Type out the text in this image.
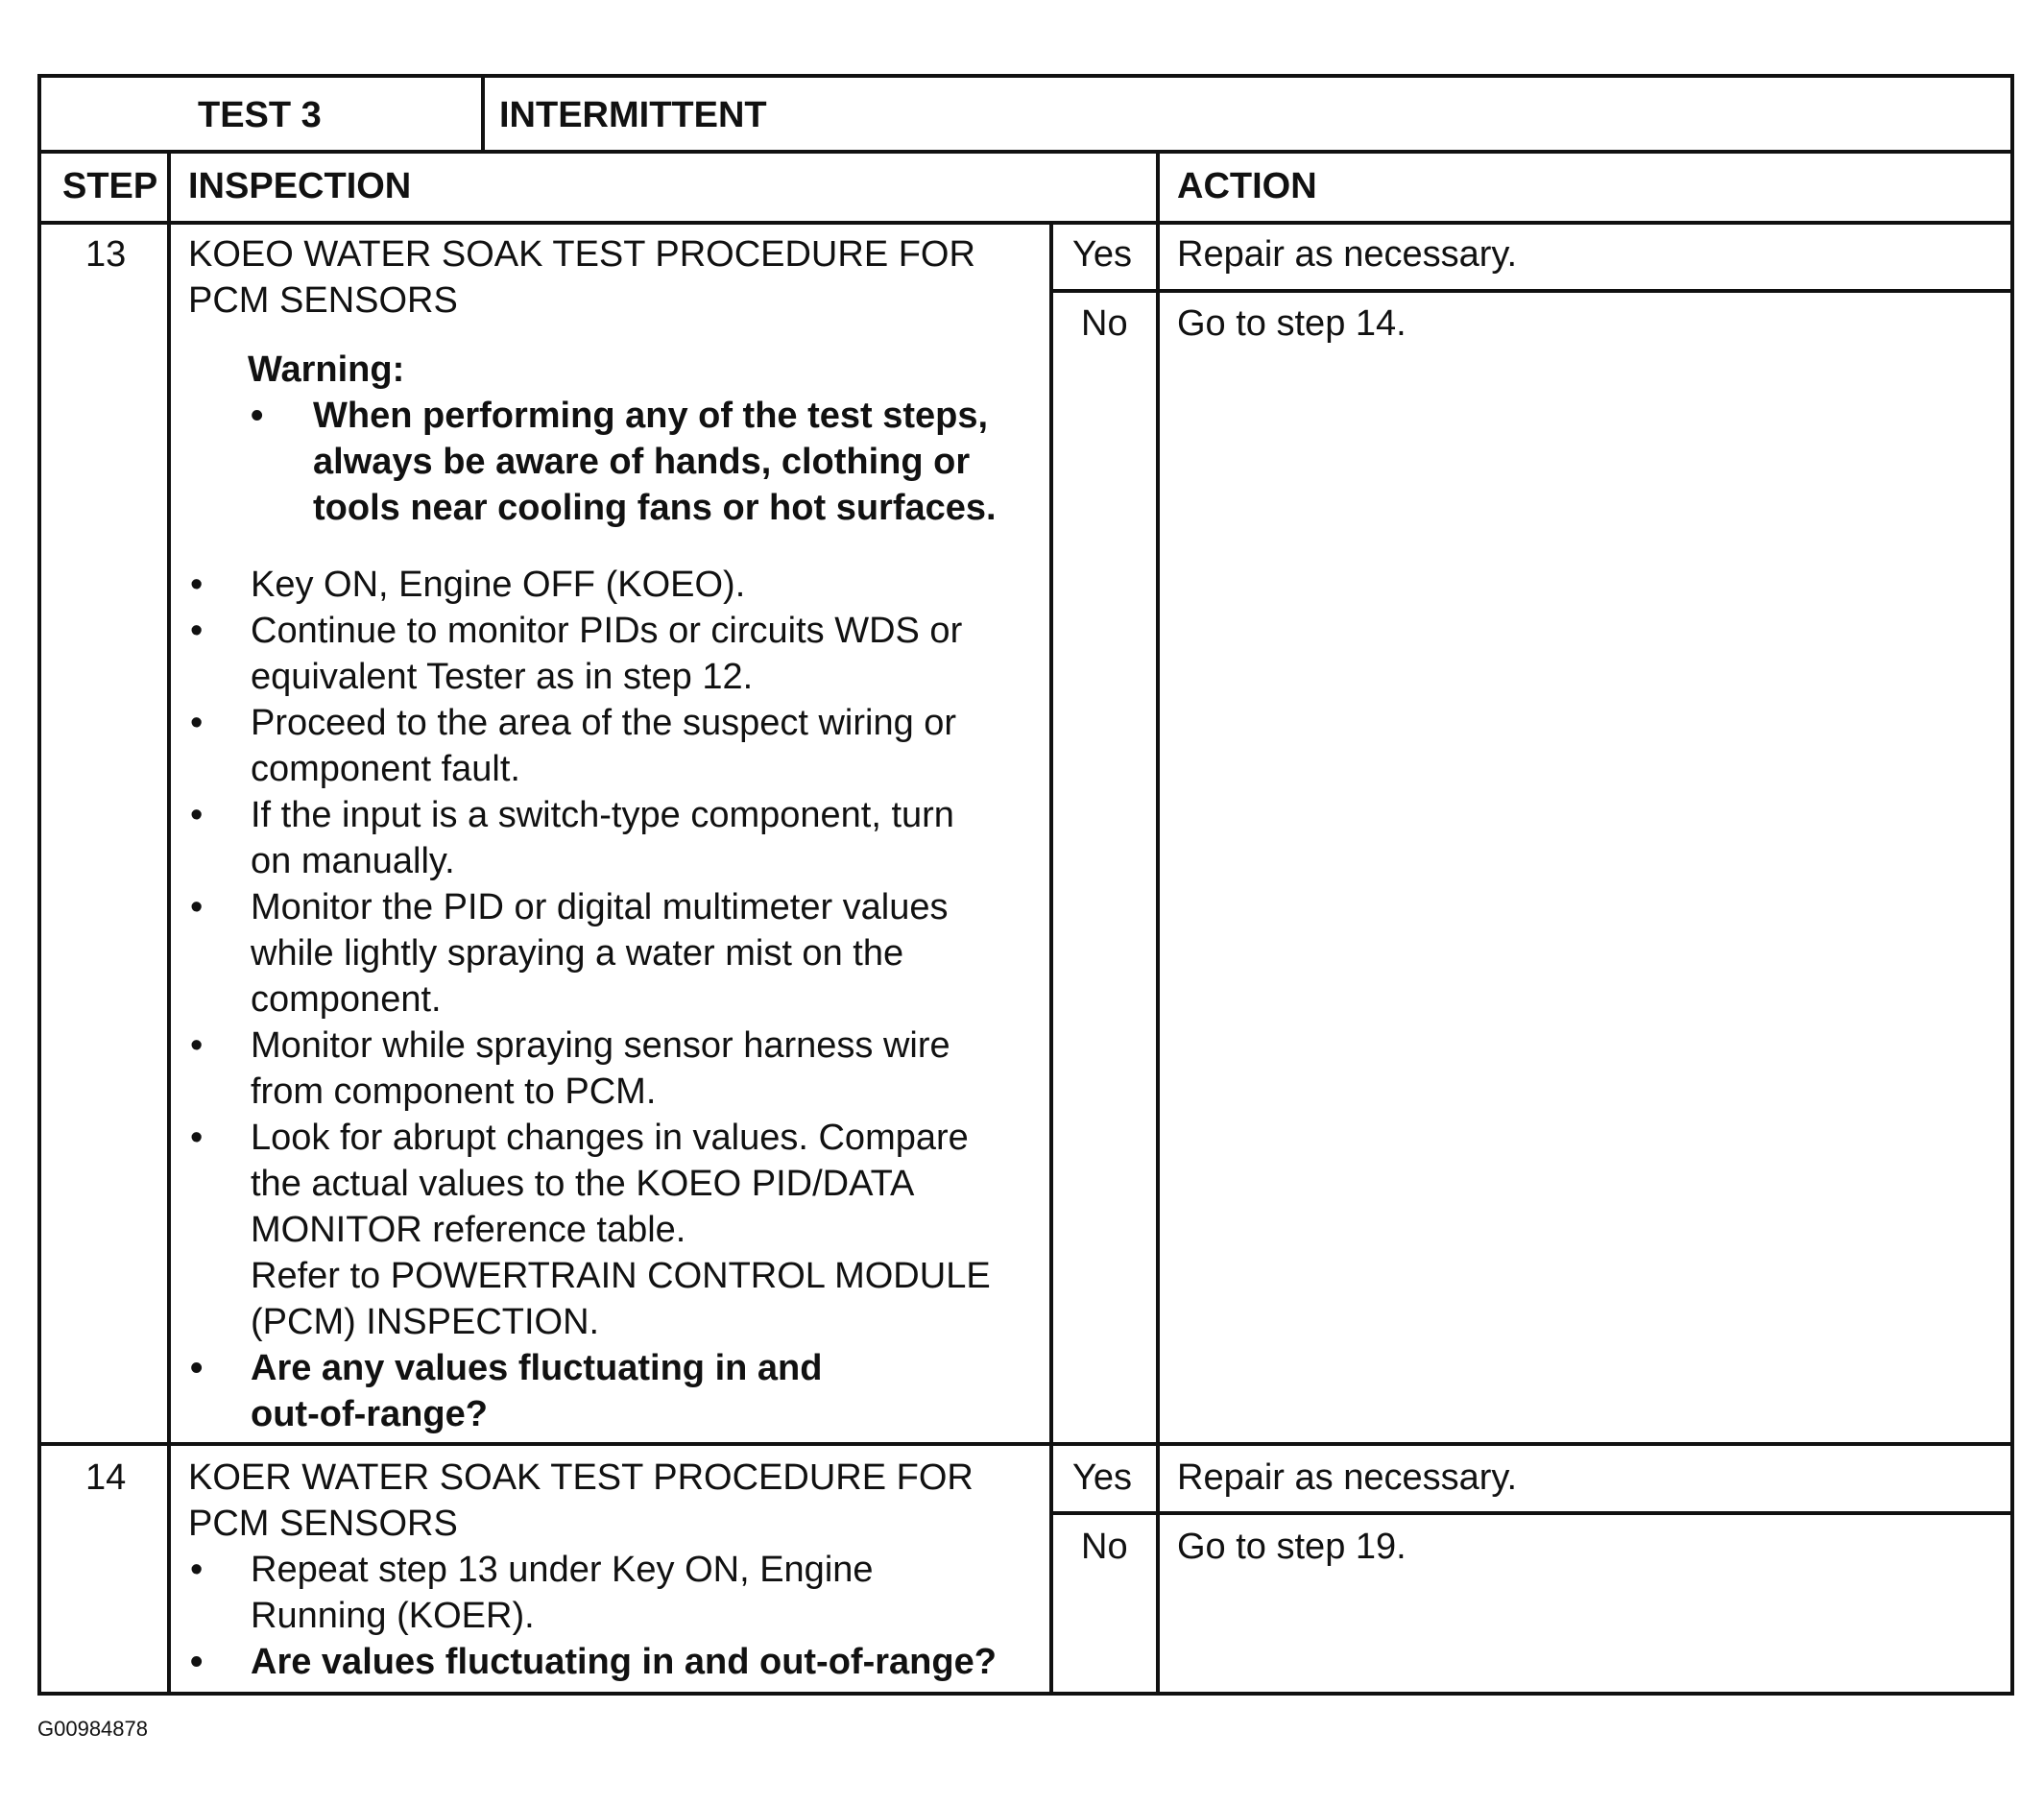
TEST 3	INTERMITTENT
STEP INSPECTION	ACTION
13 KOEO WATER SOAK TEST PROCEDURE FOR
PCM SENSORS
Warning:
• When performing any of the test steps,
always be aware of hands, clothing or
tools near cooling fans or hot surfaces.
• Key ON, Engine OFF (KOEO).
• Continue to monitor PIDs or circuits WDS or
equivalent Tester as in step 12.
• Proceed to the area of the suspect wiring or
component fault.
• If the input is a switch-type component, turn
on manually.
• Monitor the PID or digital multimeter values
while lightly spraying a water mist on the
component.
• Monitor while spraying sensor harness wire
from component to PCM.
• Look for abrupt changes in values. Compare
the actual values to the KOEO PID/DATA
MONITOR reference table.
Refer to POWERTRAIN CONTROL MODULE
(PCM) INSPECTION.
• Are any values fluctuating in and
out-of-range?
Yes Repair as necessary.
No Go to step 14.
14 KOER WATER SOAK TEST PROCEDURE FOR
PCM SENSORS
• Repeat step 13 under Key ON, Engine
Running (KOER).
• Are values fluctuating in and out-of-range?
Yes Repair as necessary.
No Go to step 19.
G00984878
